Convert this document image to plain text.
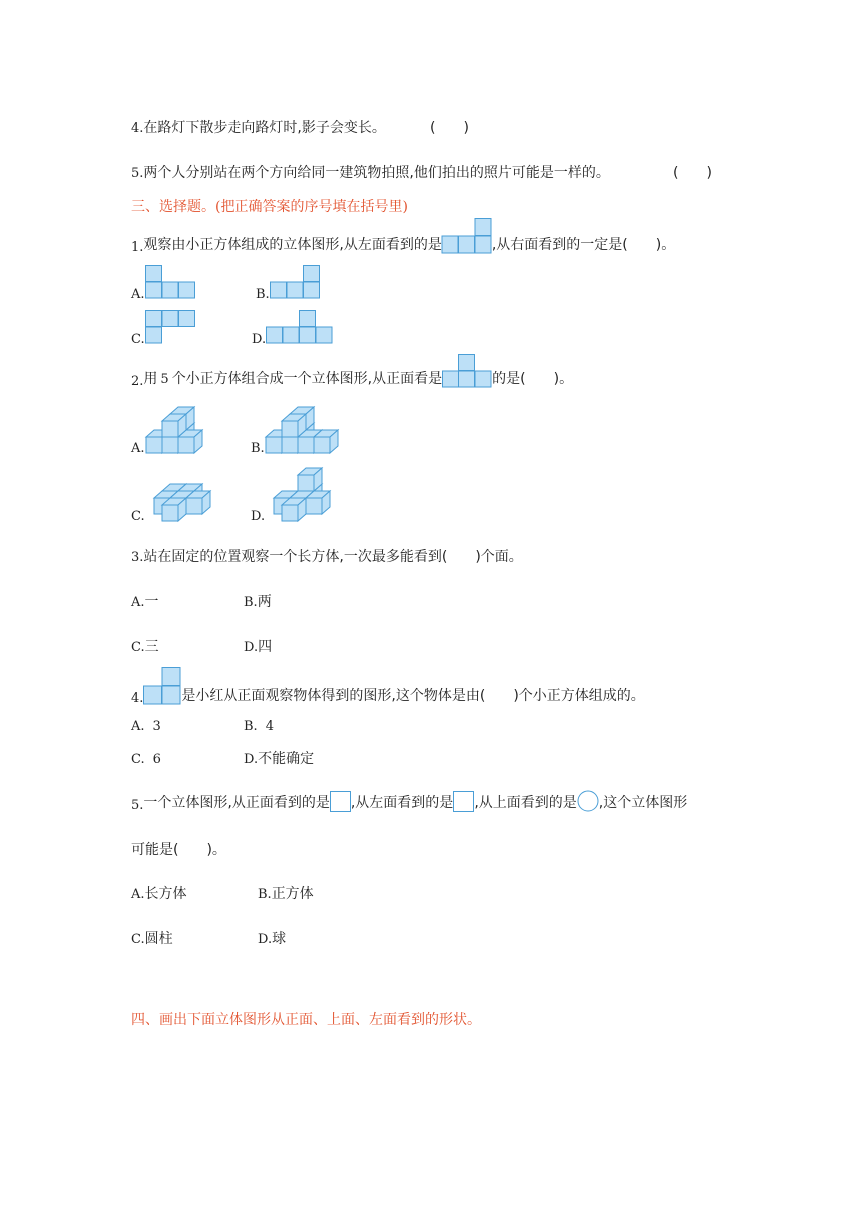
4.在路灯下散步走向路灯时,影子会变长。	(　　)
5.两个人分别站在两个方向给同一建筑物拍照,他们拍出的照片可能是一样的。	(　　)
三、选择题。(把正确答案的序号填在括号里)
1. 观察由小正方体组成的立体图形,从左面看到的是	,从右面看到的一定是(　　)。
A.	B.
C.	D.
2. 用 5 个小正方体组合成一个立体图形,从正面看是	的是(　　)。
A.	B.
C.	D.
3.站在固定的位置观察一个长方体,一次最多能看到(　　)个面。
A.一	B.两
C.三	D.四
4.	是小红从正面观察物体得到的图形,这个物体是由(　　)个小正方体组成的。
A. 3	B. 4
C. 6	D.不能确定
5. 一个立体图形,从正面看到的是 ,从左面看到的是 ,从上面看到的是 ,这个立体图形
可能是(　　)。
A.长方体	B.正方体
C.圆柱	D.球
四、画出下面立体图形从正面、上面、左面看到的形状。
